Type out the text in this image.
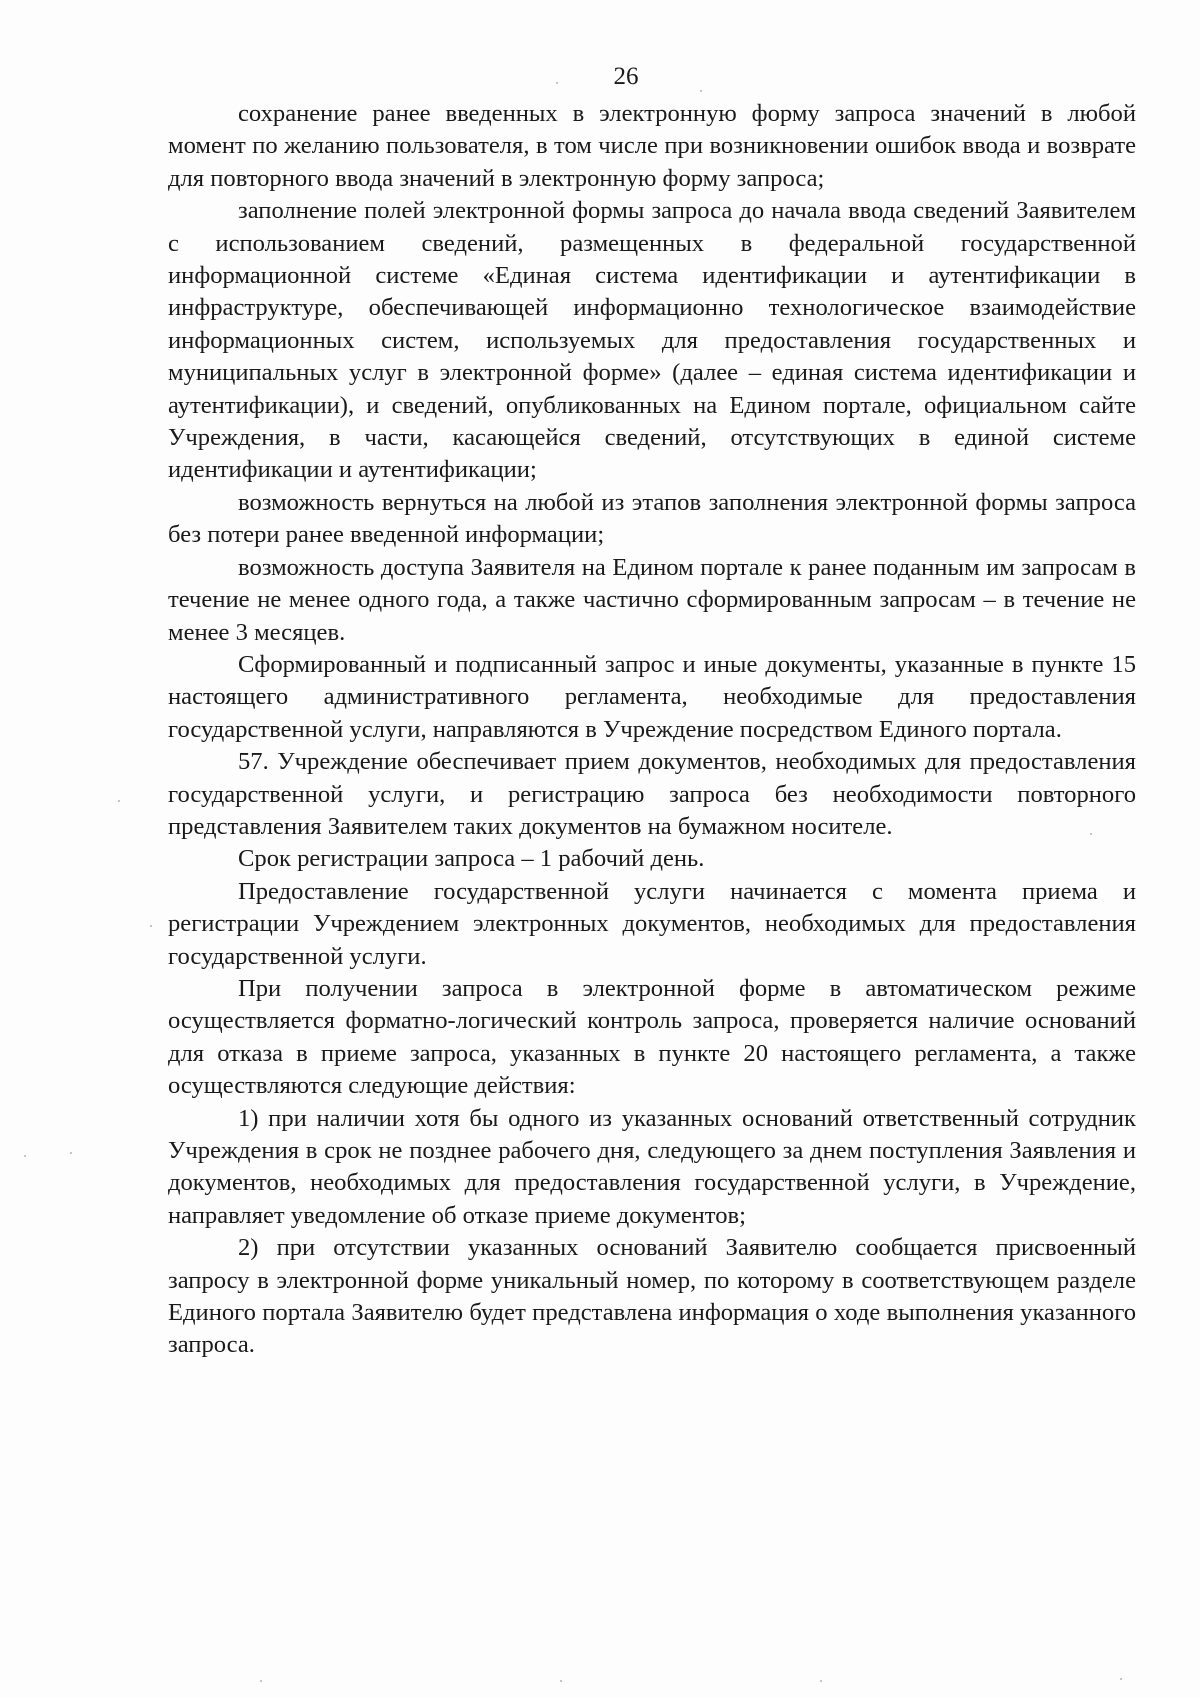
26

сохранение ранее введенных в электронную форму запроса значений в любой момент по желанию пользователя, в том числе при возникновении ошибок ввода и возврате для повторного ввода значений в электронную форму запроса;

заполнение полей электронной формы запроса до начала ввода сведений Заявителем с использованием сведений, размещенных в федеральной государственной информационной системе «Единая система идентификации и аутентификации в инфраструктуре, обеспечивающей информационно технологическое взаимодействие информационных систем, используемых для предоставления государственных и муниципальных услуг в электронной форме» (далее – единая система идентификации и аутентификации), и сведений, опубликованных на Едином портале, официальном сайте Учреждения, в части, касающейся сведений, отсутствующих в единой системе идентификации и аутентификации;

возможность вернуться на любой из этапов заполнения электронной формы запроса без потери ранее введенной информации;

возможность доступа Заявителя на Едином портале к ранее поданным им запросам в течение не менее одного года, а также частично сформированным запросам – в течение не менее 3 месяцев.

Сформированный и подписанный запрос и иные документы, указанные в пункте 15 настоящего административного регламента, необходимые для предоставления государственной услуги, направляются в Учреждение посредством Единого портала.

57. Учреждение обеспечивает прием документов, необходимых для предоставления государственной услуги, и регистрацию запроса без необходимости повторного представления Заявителем таких документов на бумажном носителе.

Срок регистрации запроса – 1 рабочий день.

Предоставление государственной услуги начинается с момента приема и регистрации Учреждением электронных документов, необходимых для предоставления государственной услуги.

При получении запроса в электронной форме в автоматическом режиме осуществляется форматно-логический контроль запроса, проверяется наличие оснований для отказа в приеме запроса, указанных в пункте 20 настоящего регламента, а также осуществляются следующие действия:

1) при наличии хотя бы одного из указанных оснований ответственный сотрудник Учреждения в срок не позднее рабочего дня, следующего за днем поступления Заявления и документов, необходимых для предоставления государственной услуги, в Учреждение, направляет уведомление об отказе приеме документов;

2) при отсутствии указанных оснований Заявителю сообщается присвоенный запросу в электронной форме уникальный номер, по которому в соответствующем разделе Единого портала Заявителю будет представлена информация о ходе выполнения указанного запроса.
